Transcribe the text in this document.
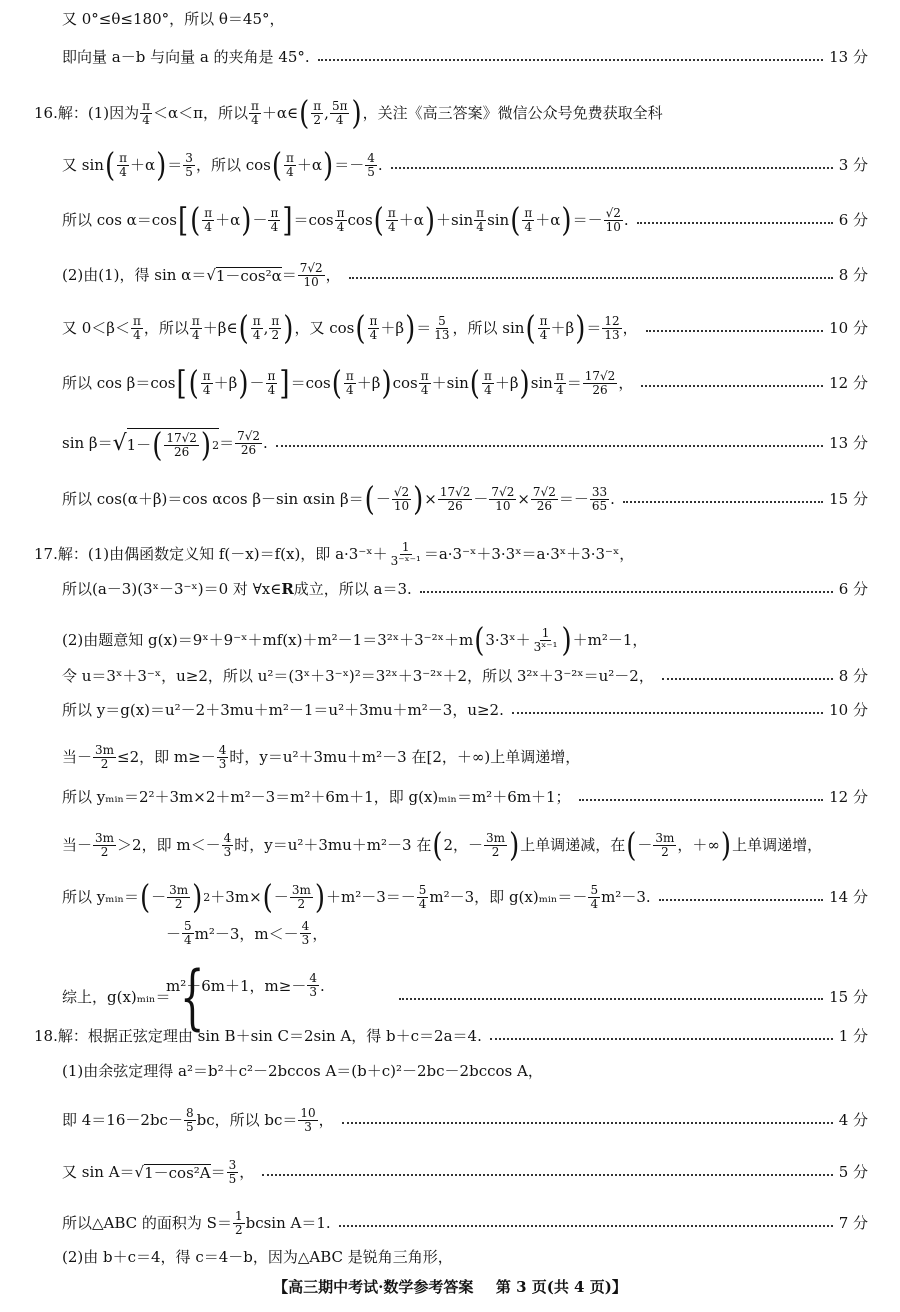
又 0°≤θ≤180°，所以 θ＝45°，
即向量 a－b 与向量 a 的夹角是 45°.	13 分
16. 解：(1)因为 $\frac{\pi}{4} <\alpha<\pi$，所以 $\frac{\pi}{4}$ ＋α∈ ( $\frac{\pi}{2}$ , $\frac{5\pi}{4}$ ) ，关注《高三答案》微信公众号免费获取全科
又 sin ( $\frac{\pi}{4} +\alpha$ ) ＝ $\frac{3}{5}$ ，所以 cos ( $\frac{\pi}{4} +\alpha$ ) ＝－ $\frac{4}{5}$ .	3 分
所以 cos α＝cos [ ( $\frac{\pi}{4} +\alpha$ ) － $\frac{\pi}{4}$ ] $=\cos \frac{\pi}{4}$ cos ( $\frac{\pi}{4} +\alpha$ ) $+\sin \frac{\pi}{4}$ sin ( $\frac{\pi}{4} +\alpha$ ) ＝－ $\frac{√2}{10}$ .	6 分
(2)由(1)，得 sin α＝ √ $1-\cos^2\alpha = \frac{7√2}{10}$ ，	8 分
又 $0<\beta< \frac{\pi}{4}$ ，所以 $\frac{\pi}{4}$ ＋β∈ ( $\frac{\pi}{4}$ , $\frac{\pi}{2}$ ) ，又 cos ( $\frac{\pi}{4} +\beta$ ) ＝ $\frac{5}{13}$ ，所以 sin ( $\frac{\pi}{4} +\beta$ ) ＝ $\frac{12}{13}$ ，	10 分
所以 cos β＝cos [ ( $\frac{\pi}{4} +\beta$ ) － $\frac{\pi}{4}$ ] ＝cos ( $\frac{\pi}{4} +\beta$ ) $\cos \frac{\pi}{4} +\sin$ ( $\frac{\pi}{4} +\beta$ ) $\sin \frac{\pi}{4} = \frac{17√2}{26}$ ，	12 分
sin β＝ √ 1－ ( $\frac{17√2}{26}$ ) $2 = \frac{7√2}{26}$ .	13 分
所以 cos(α＋β)＝cos αcos β－sin αsin β＝ ( － $\frac{√2}{10}$ ) × $\frac{17√2}{26} - \frac{7√2}{10} \times \frac{7√2}{26} =- \frac{33}{65}$ .	15 分
17. 解：(1)由偶函数定义知 f(－x)＝f(x)，即 a·3⁻ˣ＋ $\frac{1}{\text{3⁻ˣ⁻¹}}$ ＝a·3⁻ˣ＋3·3ˣ＝a·3ˣ＋3·3⁻ˣ，
所以(a－3)(3ˣ－3⁻ˣ)＝0 对 ∀x∈ R 成立，所以 a＝3.	6 分
(2)由题意知 g(x)＝9ˣ＋9⁻ˣ＋mf(x)＋m²－1＝3²ˣ＋3⁻²ˣ＋m ( 3·3ˣ＋ $\frac{1}{\text{3ˣ⁻¹}}$ ) ＋m²－1，
令 u＝3ˣ＋3⁻ˣ，u≥2，所以 u²＝(3ˣ＋3⁻ˣ)²＝3²ˣ＋3⁻²ˣ＋2，所以 3²ˣ＋3⁻²ˣ＝u²－2，	8 分
所以 y＝g(x)＝u²－2＋3mu＋m²－1＝u²＋3mu＋m²－3，u≥2.	10 分
当－ $\frac{3m}{2} \le 2$，即 $m\ge- \frac{4}{3}$ 时，y＝u²＋3mu＋m²－3 在[2，＋∞)上单调递增，
所以 yₘᵢₙ＝2²＋3m×2＋m²－3＝m²＋6m＋1，即 g(x)ₘᵢₙ＝m²＋6m＋1；	12 分
当－ $\frac{3m}{2} >2$，即 $m<- \frac{4}{3}$ 时，y＝u²＋3mu＋m²－3 在 ( 2，－ $\frac{3m}{2}$ ) 上单调递减，在 ( － $\frac{3m}{2}$ ，＋∞ ) 上单调递增，
所以 yₘᵢₙ＝ ( － $\frac{3m}{2}$ ) 2 ＋3m× ( － $\frac{3m}{2}$ ) $+m^2-3=- \frac{5}{4} m^2-3$，即 g(x)ₘᵢₙ＝－ $\frac{5}{4} m^2-3$.	14 分
综上，g(x)ₘᵢₙ＝ {	15 分
－ $\frac{5}{4} m^2-3$，$m<- \frac{4}{3}$ ，
m²＋6m＋1，$m\ge- \frac{4}{3}$ .
18. 解：根据正弦定理由 sin B＋sin C＝2sin A，得 b＋c＝2a＝4.	1 分
(1)由余弦定理得 a²＝b²＋c²－2bccos A＝(b＋c)²－2bc－2bccos A，
即 $4=16-2bc- \frac{8}{5}$ bc，所以 $bc= \frac{10}{3}$ ，	4 分
又 sin A＝ √ $1-\cos^2A = \frac{3}{5}$ ，	5 分
所以△ABC 的面积为 $S= \frac{1}{2}$ bcsin A＝1.	7 分
(2)由 b＋c＝4，得 c＝4－b，因为△ABC 是锐角三角形，
【高三期中考试·数学参考答案 第 3 页(共 4 页)】
